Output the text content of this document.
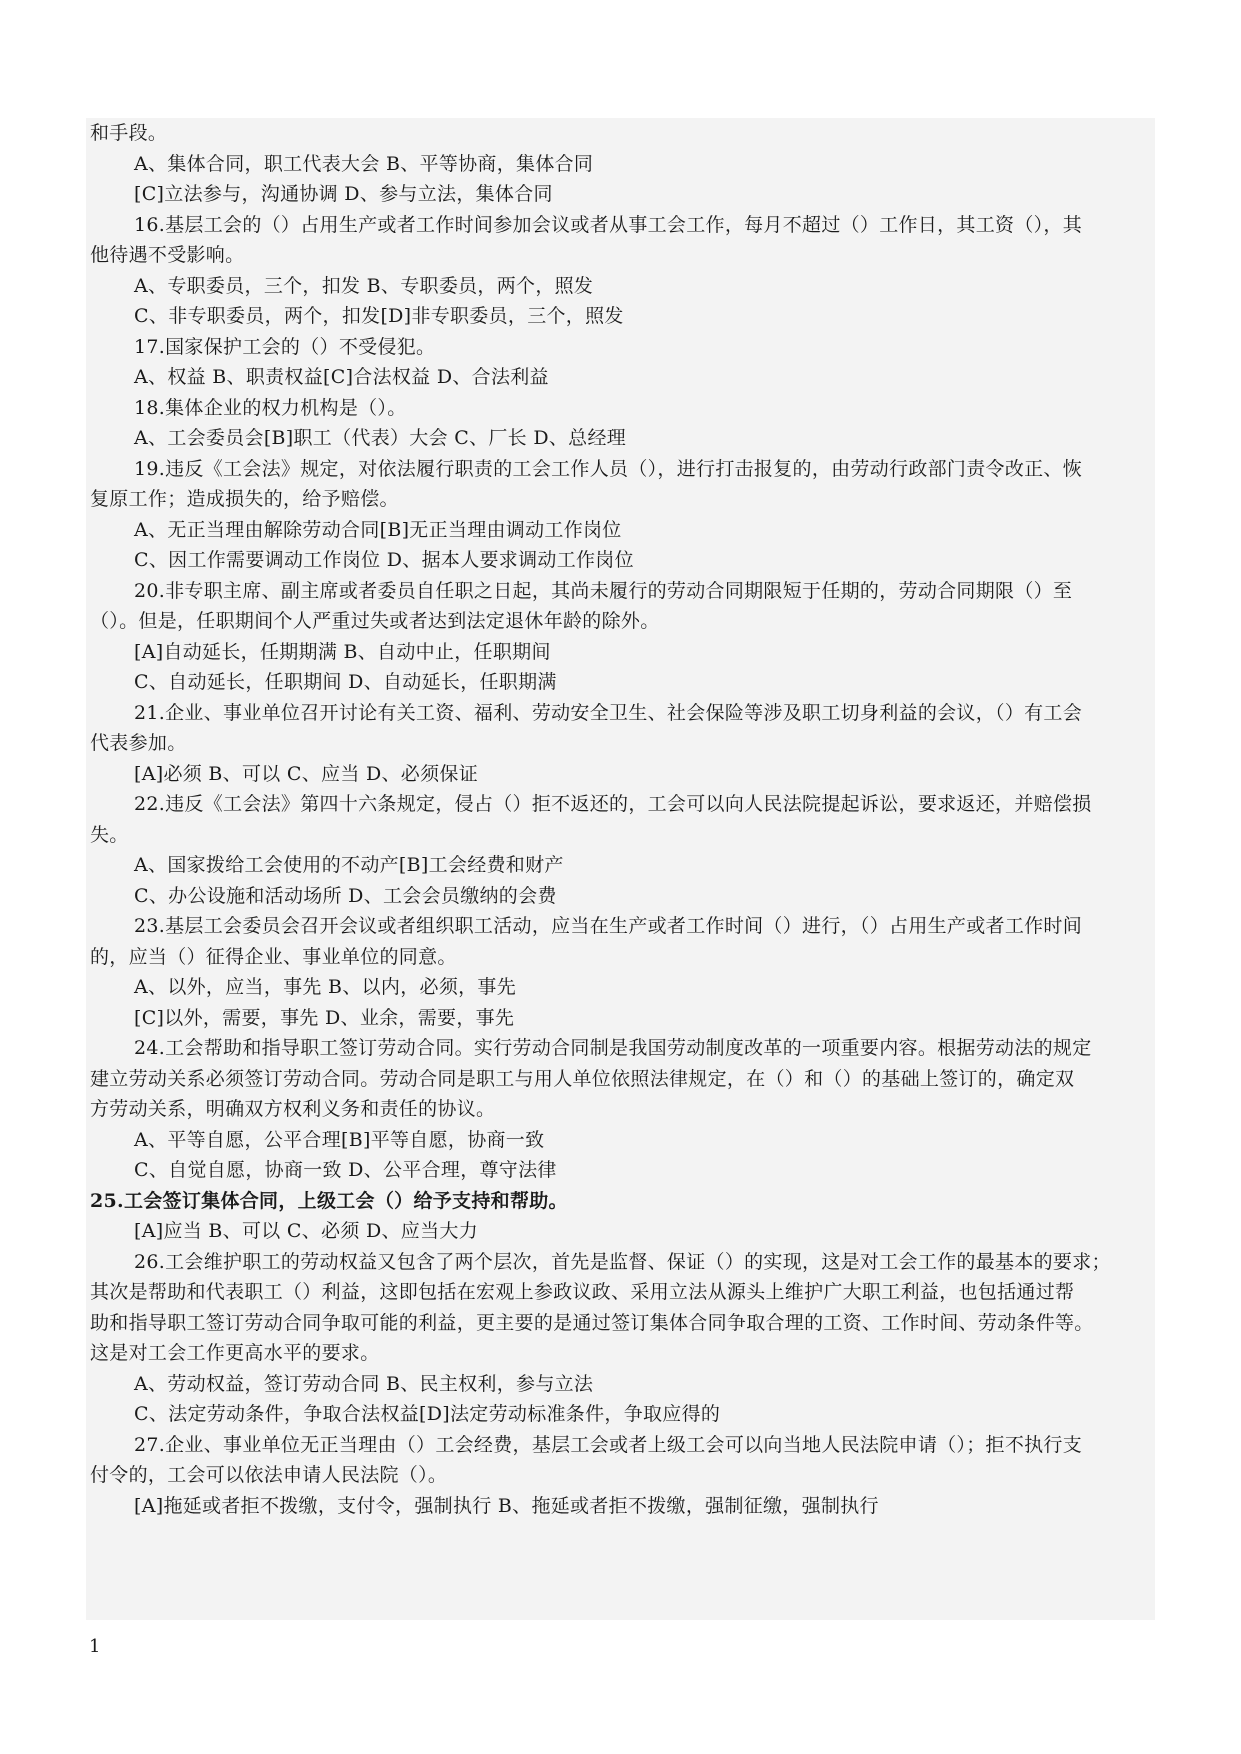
和手段。
A、集体合同，职工代表大会 B、平等协商，集体合同
[C]立法参与，沟通协调 D、参与立法，集体合同
16.基层工会的（）占用生产或者工作时间参加会议或者从事工会工作，每月不超过（）工作日，其工资（），其
他待遇不受影响。
A、专职委员，三个，扣发 B、专职委员，两个，照发
C、非专职委员，两个，扣发[D]非专职委员，三个，照发
17.国家保护工会的（）不受侵犯。
A、权益 B、职责权益[C]合法权益 D、合法利益
18.集体企业的权力机构是（）。
A、工会委员会[B]职工（代表）大会 C、厂长 D、总经理
19.违反《工会法》规定，对依法履行职责的工会工作人员（），进行打击报复的，由劳动行政部门责令改正、恢
复原工作；造成损失的，给予赔偿。
A、无正当理由解除劳动合同[B]无正当理由调动工作岗位
C、因工作需要调动工作岗位 D、据本人要求调动工作岗位
20.非专职主席、副主席或者委员自任职之日起，其尚未履行的劳动合同期限短于任期的，劳动合同期限（）至
（）。但是，任职期间个人严重过失或者达到法定退休年龄的除外。
[A]自动延长，任期期满 B、自动中止，任职期间
C、自动延长，任职期间 D、自动延长，任职期满
21.企业、事业单位召开讨论有关工资、福利、劳动安全卫生、社会保险等涉及职工切身利益的会议，（）有工会
代表参加。
[A]必须 B、可以 C、应当 D、必须保证
22.违反《工会法》第四十六条规定，侵占（）拒不返还的，工会可以向人民法院提起诉讼，要求返还，并赔偿损
失。
A、国家拨给工会使用的不动产[B]工会经费和财产
C、办公设施和活动场所 D、工会会员缴纳的会费
23.基层工会委员会召开会议或者组织职工活动，应当在生产或者工作时间（）进行，（）占用生产或者工作时间
的，应当（）征得企业、事业单位的同意。
A、以外，应当，事先 B、以内，必须，事先
[C]以外，需要，事先 D、业余，需要，事先
24.工会帮助和指导职工签订劳动合同。实行劳动合同制是我国劳动制度改革的一项重要内容。根据劳动法的规定
建立劳动关系必须签订劳动合同。劳动合同是职工与用人单位依照法律规定，在（）和（）的基础上签订的，确定双
方劳动关系，明确双方权利义务和责任的协议。
A、平等自愿，公平合理[B]平等自愿，协商一致
C、自觉自愿，协商一致 D、公平合理，尊守法律
25.工会签订集体合同，上级工会（）给予支持和帮助。
[A]应当 B、可以 C、必须 D、应当大力
26.工会维护职工的劳动权益又包含了两个层次，首先是监督、保证（）的实现，这是对工会工作的最基本的要求；
其次是帮助和代表职工（）利益，这即包括在宏观上参政议政、采用立法从源头上维护广大职工利益，也包括通过帮
助和指导职工签订劳动合同争取可能的利益，更主要的是通过签订集体合同争取合理的工资、工作时间、劳动条件等。
这是对工会工作更高水平的要求。
A、劳动权益，签订劳动合同 B、民主权利，参与立法
C、法定劳动条件，争取合法权益[D]法定劳动标准条件，争取应得的
27.企业、事业单位无正当理由（）工会经费，基层工会或者上级工会可以向当地人民法院申请（）；拒不执行支
付令的，工会可以依法申请人民法院（）。
[A]拖延或者拒不拨缴，支付令，强制执行 B、拖延或者拒不拨缴，强制征缴，强制执行
1
